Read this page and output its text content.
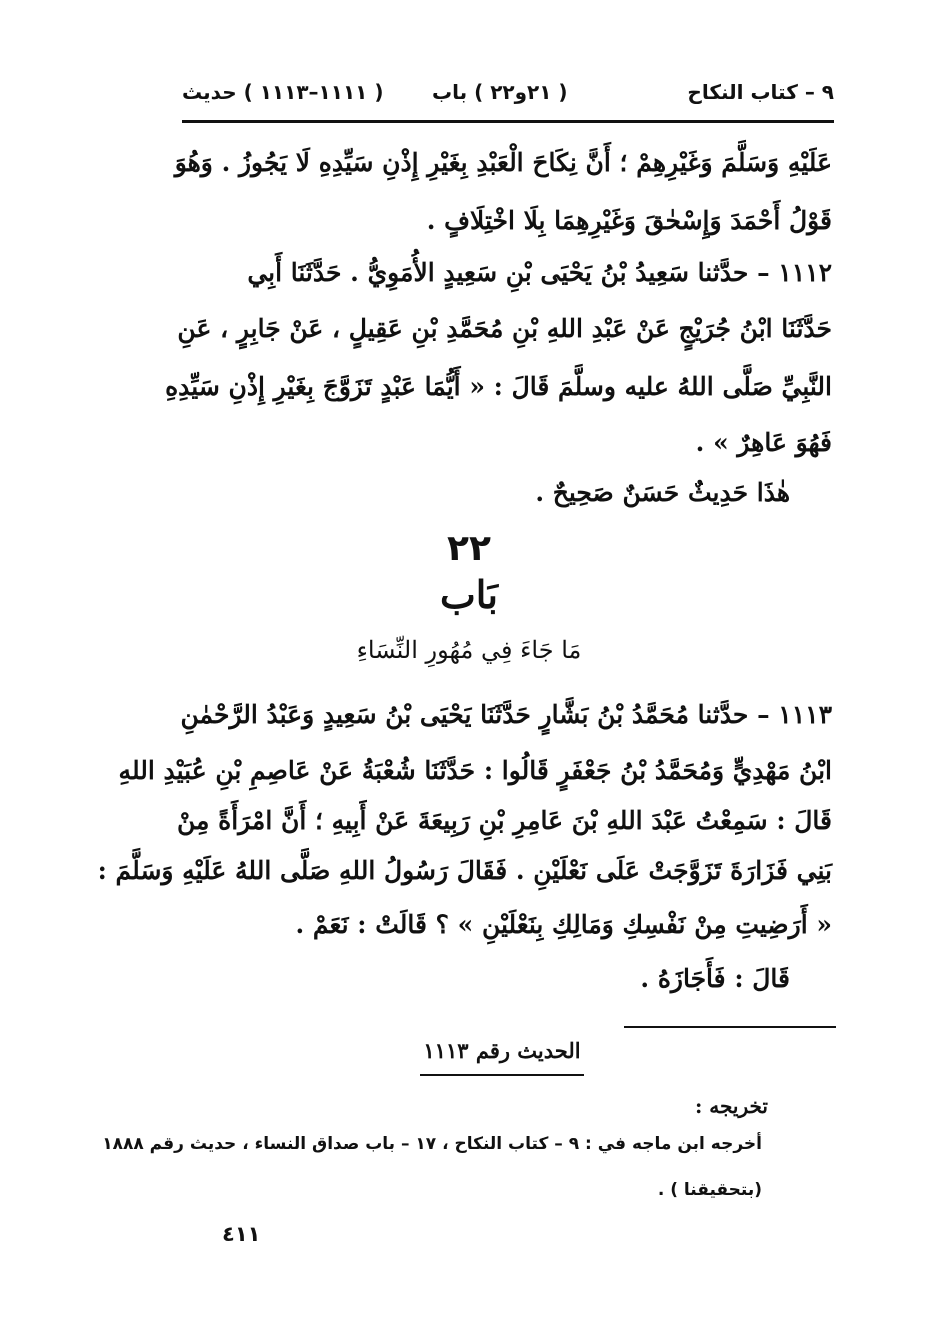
٩ – كتاب النكاح
( ٢١و٢٢ ) باب
( ١١١١–١١١٣ ) حديث
عَلَيْهِ وَسَلَّمَ وَغَيْرِهِمْ ؛ أَنَّ نِكَاحَ الْعَبْدِ بِغَيْرِ إِذْنِ سَيِّدِهِ لَا يَجُوزُ . وَهُوَ
قَوْلُ أَحْمَدَ وَإِسْحٰقَ وَغَيْرِهِمَا بِلَا اخْتِلَافٍ .
١١١٢ – حدَّثنا سَعِيدُ بْنُ يَحْيَى بْنِ سَعِيدٍ الأُمَوِيُّ . حَدَّثَنَا أَبِي
حَدَّثَنَا ابْنُ جُرَيْجٍ عَنْ عَبْدِ اللهِ بْنِ مُحَمَّدِ بْنِ عَقِيلٍ ، عَنْ جَابِرٍ ، عَنِ
النَّبِيِّ صَلَّى اللهُ عليه وسلَّمَ قَالَ : « أَيُّمَا عَبْدٍ تَزَوَّجَ بِغَيْرِ إِذْنِ سَيِّدِهِ
فَهُوَ عَاهِرٌ » .
هٰذَا حَدِيثٌ حَسَنٌ صَحِيحٌ .
٢٢
بَاب
مَا جَاءَ فِي مُهُورِ النِّسَاءِ
١١١٣ – حدَّثنا مُحَمَّدُ بْنُ بَشَّارٍ حَدَّثَنَا يَحْيَى بْنُ سَعِيدٍ وَعَبْدُ الرَّحْمٰنِ
ابْنُ مَهْدِيٍّ وَمُحَمَّدُ بْنُ جَعْفَرٍ قَالُوا : حَدَّثَنَا شُعْبَةُ عَنْ عَاصِمِ بْنِ عُبَيْدِ اللهِ
قَالَ : سَمِعْتُ عَبْدَ اللهِ بْنَ عَامِرِ بْنِ رَبِيعَةَ عَنْ أَبِيهِ ؛ أَنَّ امْرَأَةً مِنْ
بَنِي فَزَارَةَ تَزَوَّجَتْ عَلَى نَعْلَيْنِ . فَقَالَ رَسُولُ اللهِ صَلَّى اللهُ عَلَيْهِ وَسَلَّمَ :
« أَرَضِيتِ مِنْ نَفْسِكِ وَمَالِكِ بِنَعْلَيْنِ » ؟ قَالَتْ : نَعَمْ .
قَالَ : فَأَجَازَهُ .
الحديث رقم ١١١٣
تخريجه :
أخرجه ابن ماجه في : ٩ – كتاب النكاح ، ١٧ – باب صداق النساء ، حديث رقم ١٨٨٨
(بتحقيقنا ) .
٤١١
